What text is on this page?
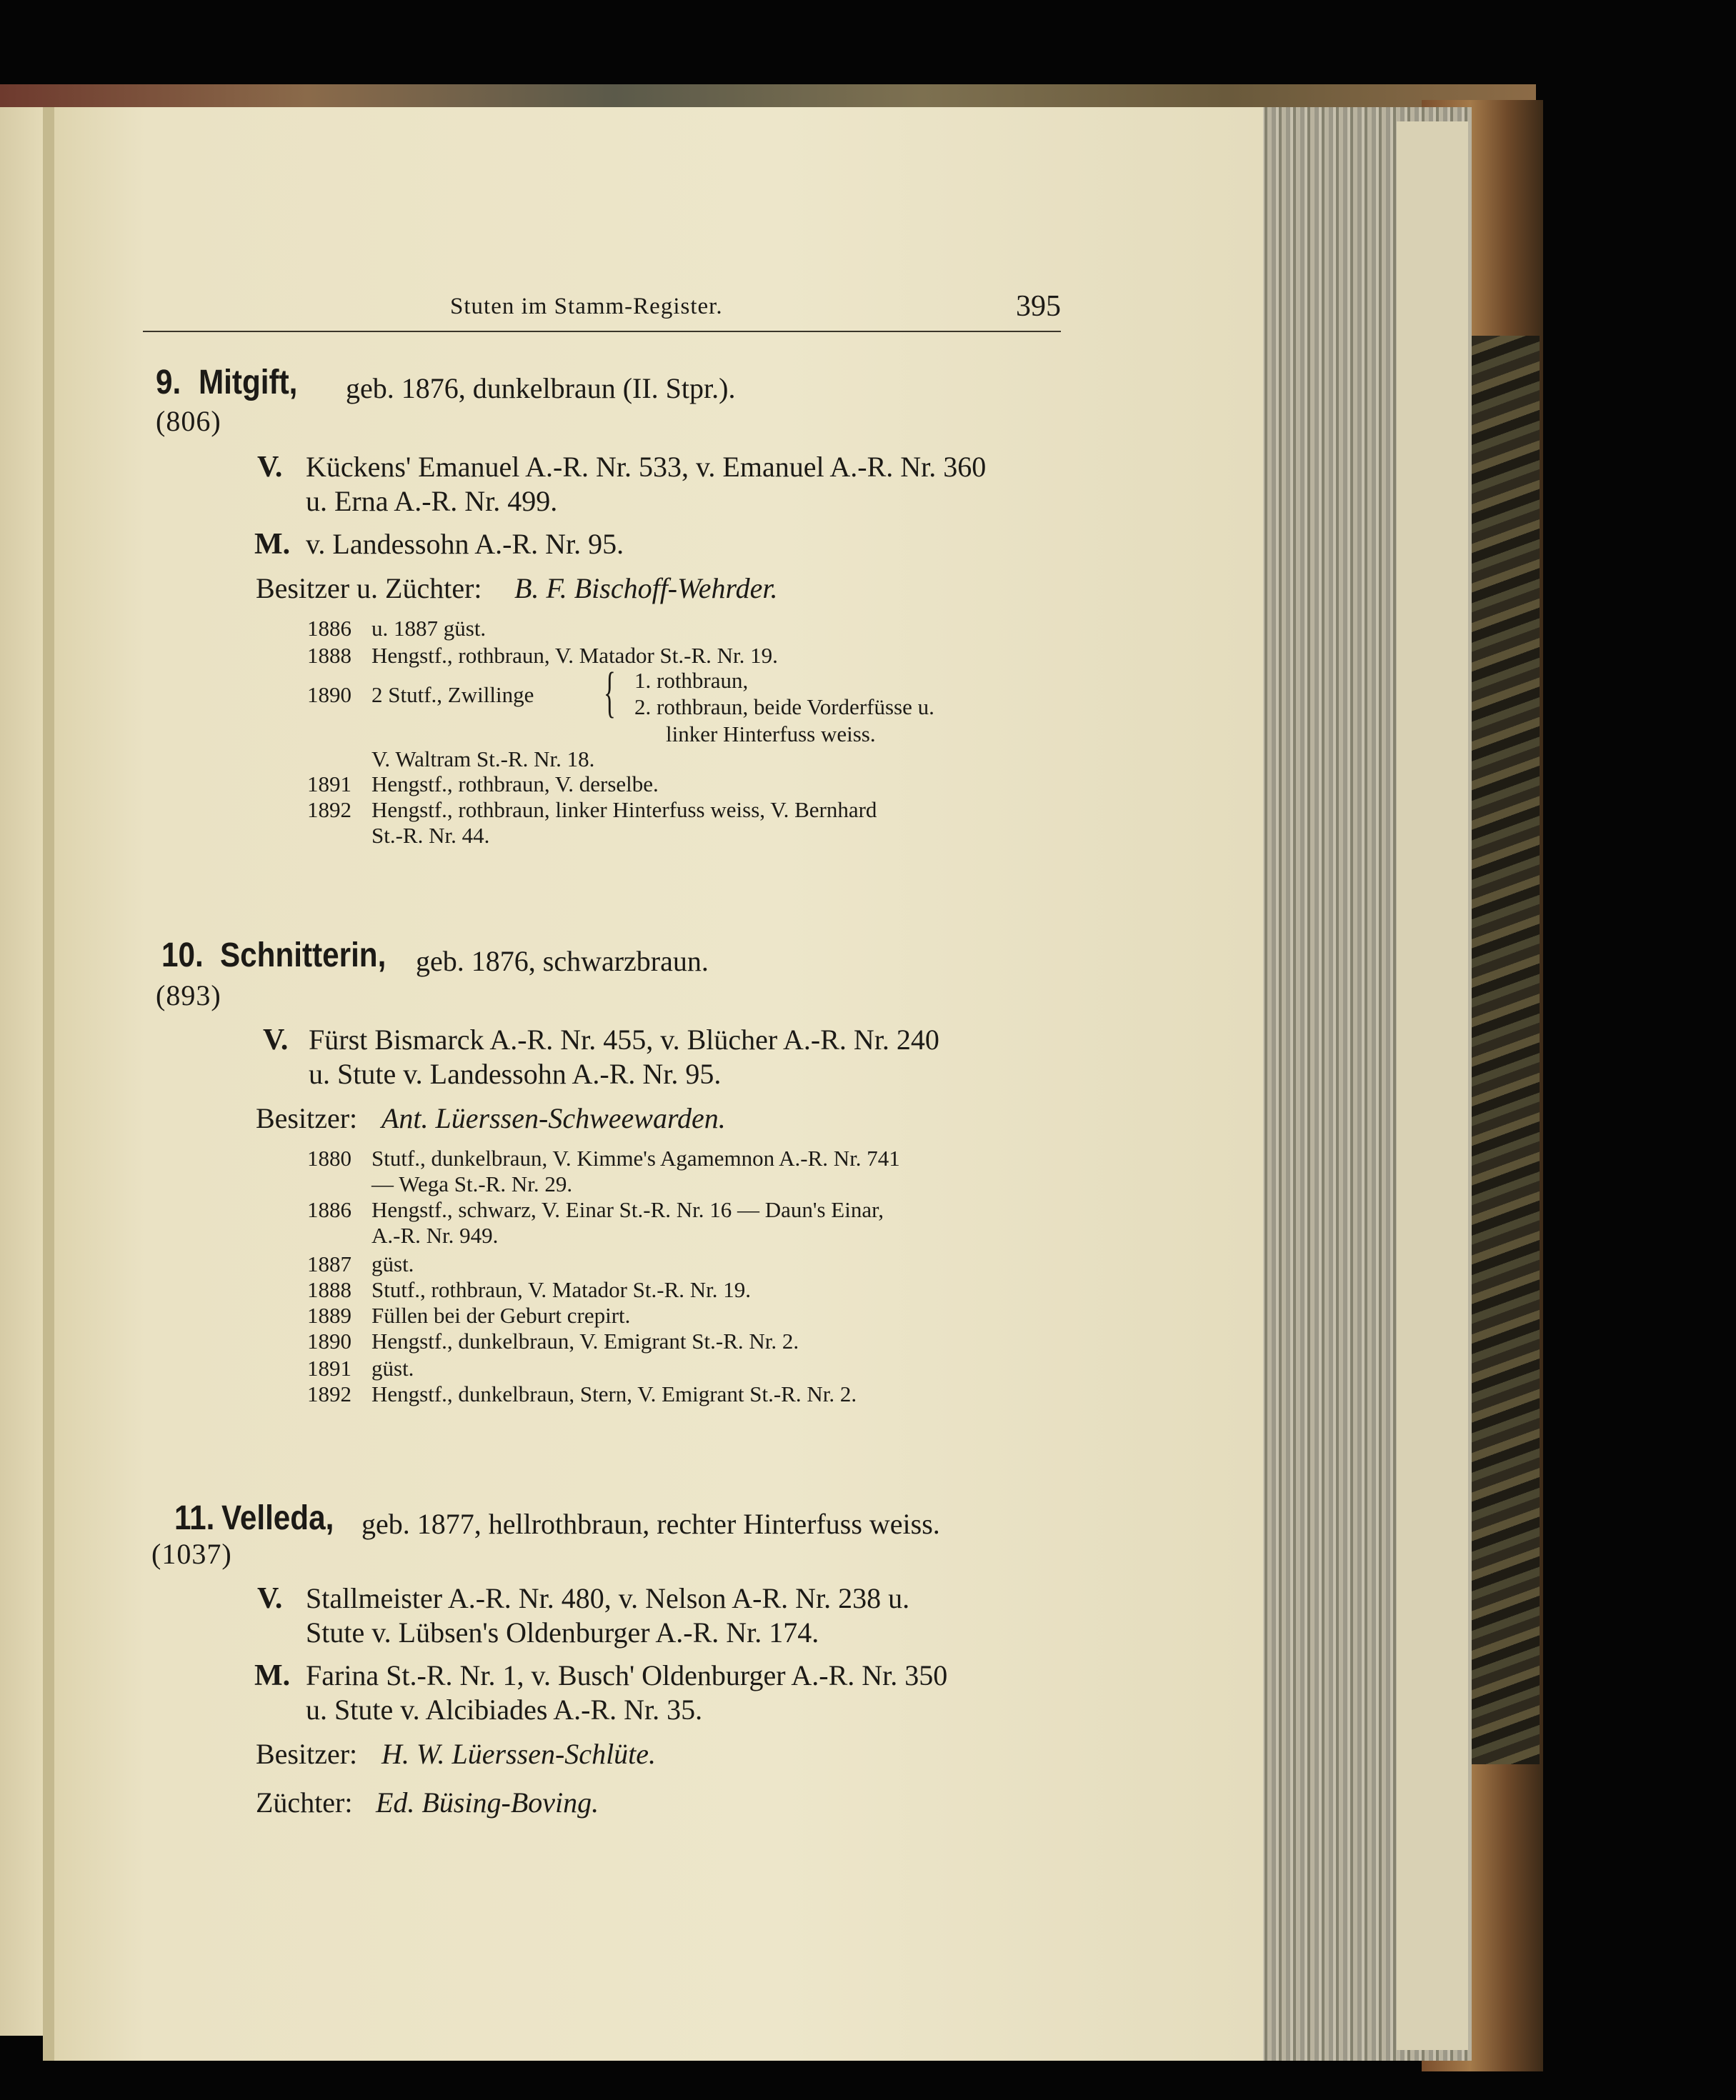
Stuten im Stamm-Register.	395
9. Mitgift, geb. 1876, dunkelbraun (II. Stpr.).
(806)
V. Kückens' Emanuel A.-R. Nr. 533, v. Emanuel A.-R. Nr. 360
u. Erna A.-R. Nr. 499.
M. v. Landessohn A.-R. Nr. 95.
Besitzer u. Züchter: B. F. Bischoff-Wehrder.
1886 u. 1887 güst.
1888 Hengstf., rothbraun, V. Matador St.-R. Nr. 19.
1890 2 Stutf., Zwillinge { 1. rothbraun,
2. rothbraun, beide Vorderfüsse u.
linker Hinterfuss weiss.
V. Waltram St.-R. Nr. 18.
1891 Hengstf., rothbraun, V. derselbe.
1892 Hengstf., rothbraun, linker Hinterfuss weiss, V. Bernhard
St.-R. Nr. 44.
10. Schnitterin, geb. 1876, schwarzbraun.
(893)
V. Fürst Bismarck A.-R. Nr. 455, v. Blücher A.-R. Nr. 240
u. Stute v. Landessohn A.-R. Nr. 95.
Besitzer: Ant. Lüerssen-Schweewarden.
1880 Stutf., dunkelbraun, V. Kimme's Agamemnon A.-R. Nr. 741
— Wega St.-R. Nr. 29.
1886 Hengstf., schwarz, V. Einar St.-R. Nr. 16 — Daun's Einar,
A.-R. Nr. 949.
1887 güst.
1888 Stutf., rothbraun, V. Matador St.-R. Nr. 19.
1889 Füllen bei der Geburt crepirt.
1890 Hengstf., dunkelbraun, V. Emigrant St.-R. Nr. 2.
1891 güst.
1892 Hengstf., dunkelbraun, Stern, V. Emigrant St.-R. Nr. 2.
11. Velleda, geb. 1877, hellrothbraun, rechter Hinterfuss weiss.
(1037)
V. Stallmeister A.-R. Nr. 480, v. Nelson A-R. Nr. 238 u.
Stute v. Lübsen's Oldenburger A.-R. Nr. 174.
M. Farina St.-R. Nr. 1, v. Busch' Oldenburger A.-R. Nr. 350
u. Stute v. Alcibiades A.-R. Nr. 35.
Besitzer: H. W. Lüerssen-Schlüte.
Züchter: Ed. Büsing-Boving.
